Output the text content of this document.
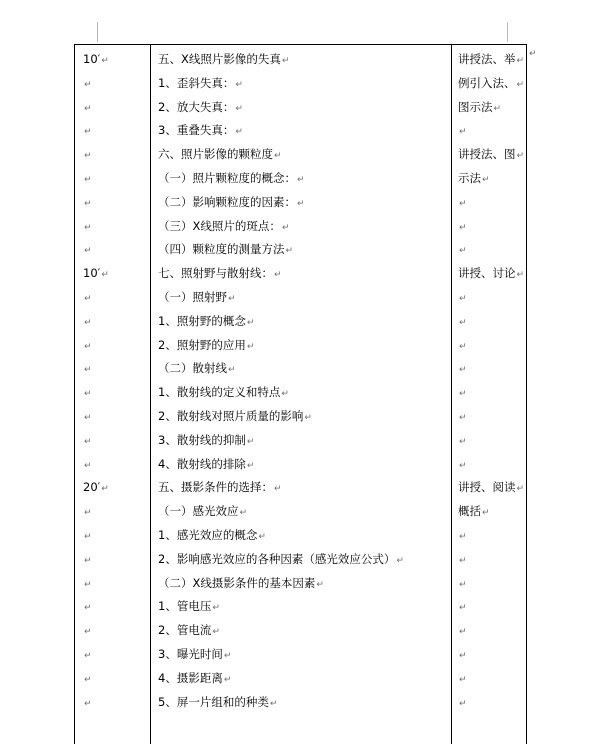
↵
10′↵	五、X线照片影像的失真↵	讲授法、举↵
↵	1、歪斜失真：↵	例引入法、↵
↵	2、放大失真：↵	图示法↵
↵	3、重叠失真：↵	↵
↵	六、照片影像的颗粒度↵	讲授法、图↵
↵	（一）照片颗粒度的概念：↵	示法↵
↵	（二）影响颗粒度的因素：↵	↵
↵	（三）X线照片的斑点：↵	↵
↵	（四）颗粒度的测量方法↵	↵
10′↵	七、照射野与散射线：↵	讲授、讨论↵
↵	（一）照射野↵	↵
↵	1、照射野的概念↵	↵
↵	2、照射野的应用↵	↵
↵	（二）散射线↵	↵
↵	1、散射线的定义和特点↵	↵
↵	2、散射线对照片质量的影响↵	↵
↵	3、散射线的抑制↵	↵
↵	4、散射线的排除↵	↵
20′↵	五、摄影条件的选择：↵	讲授、阅读↵
↵	（一）感光效应↵	概括↵
↵	1、感光效应的概念↵	↵
↵	2、影响感光效应的各种因素（感光效应公式）↵	↵
↵	（二）X线摄影条件的基本因素↵	↵
↵	1、管电压↵	↵
↵	2、管电流↵	↵
↵	3、曝光时间↵	↵
↵	4、摄影距离↵	↵
↵	5、屏一片组和的种类↵	↵
